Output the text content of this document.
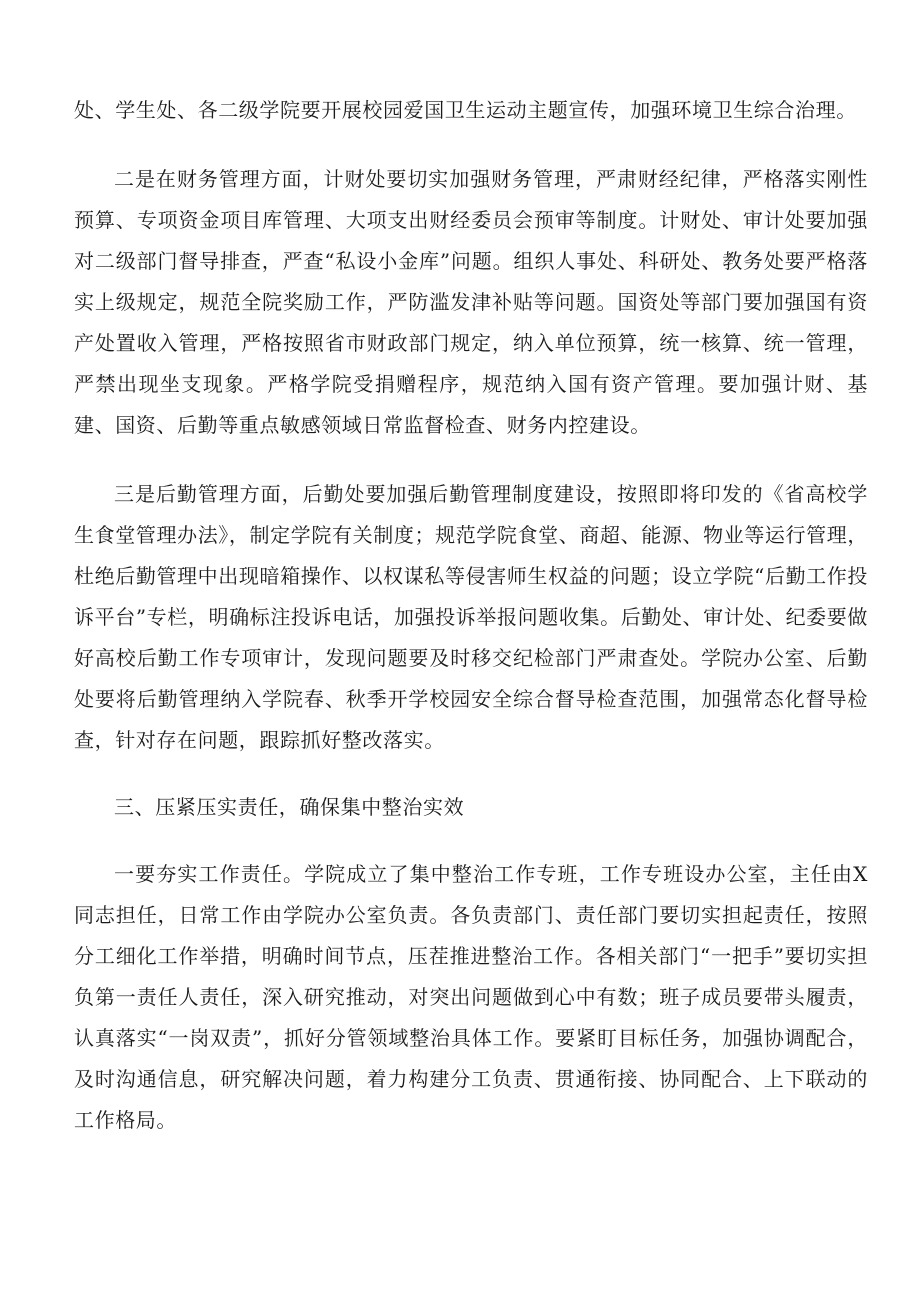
处、学生处、各二级学院要开展校园爱国卫生运动主题宣传，加强环境卫生综合治理。

二是在财务管理方面，计财处要切实加强财务管理，严肃财经纪律，严格落实刚性预算、专项资金项目库管理、大项支出财经委员会预审等制度。计财处、审计处要加强对二级部门督导排查，严查“私设小金库”问题。组织人事处、科研处、教务处要严格落实上级规定，规范全院奖励工作，严防滥发津补贴等问题。国资处等部门要加强国有资产处置收入管理，严格按照省市财政部门规定，纳入单位预算，统一核算、统一管理，严禁出现坐支现象。严格学院受捐赠程序，规范纳入国有资产管理。要加强计财、基建、国资、后勤等重点敏感领域日常监督检查、财务内控建设。

三是后勤管理方面，后勤处要加强后勤管理制度建设，按照即将印发的《省高校学生食堂管理办法》，制定学院有关制度；规范学院食堂、商超、能源、物业等运行管理，杜绝后勤管理中出现暗箱操作、以权谋私等侵害师生权益的问题；设立学院“后勤工作投诉平台”专栏，明确标注投诉电话，加强投诉举报问题收集。后勤处、审计处、纪委要做好高校后勤工作专项审计，发现问题要及时移交纪检部门严肃查处。学院办公室、后勤处要将后勤管理纳入学院春、秋季开学校园安全综合督导检查范围，加强常态化督导检查，针对存在问题，跟踪抓好整改落实。

三、压紧压实责任，确保集中整治实效

一要夯实工作责任。学院成立了集中整治工作专班，工作专班设办公室，主任由X同志担任，日常工作由学院办公室负责。各负责部门、责任部门要切实担起责任，按照分工细化工作举措，明确时间节点，压茬推进整治工作。各相关部门“一把手”要切实担负第一责任人责任，深入研究推动，对突出问题做到心中有数；班子成员要带头履责，认真落实“一岗双责”，抓好分管领域整治具体工作。要紧盯目标任务，加强协调配合，及时沟通信息，研究解决问题，着力构建分工负责、贯通衔接、协同配合、上下联动的工作格局。
